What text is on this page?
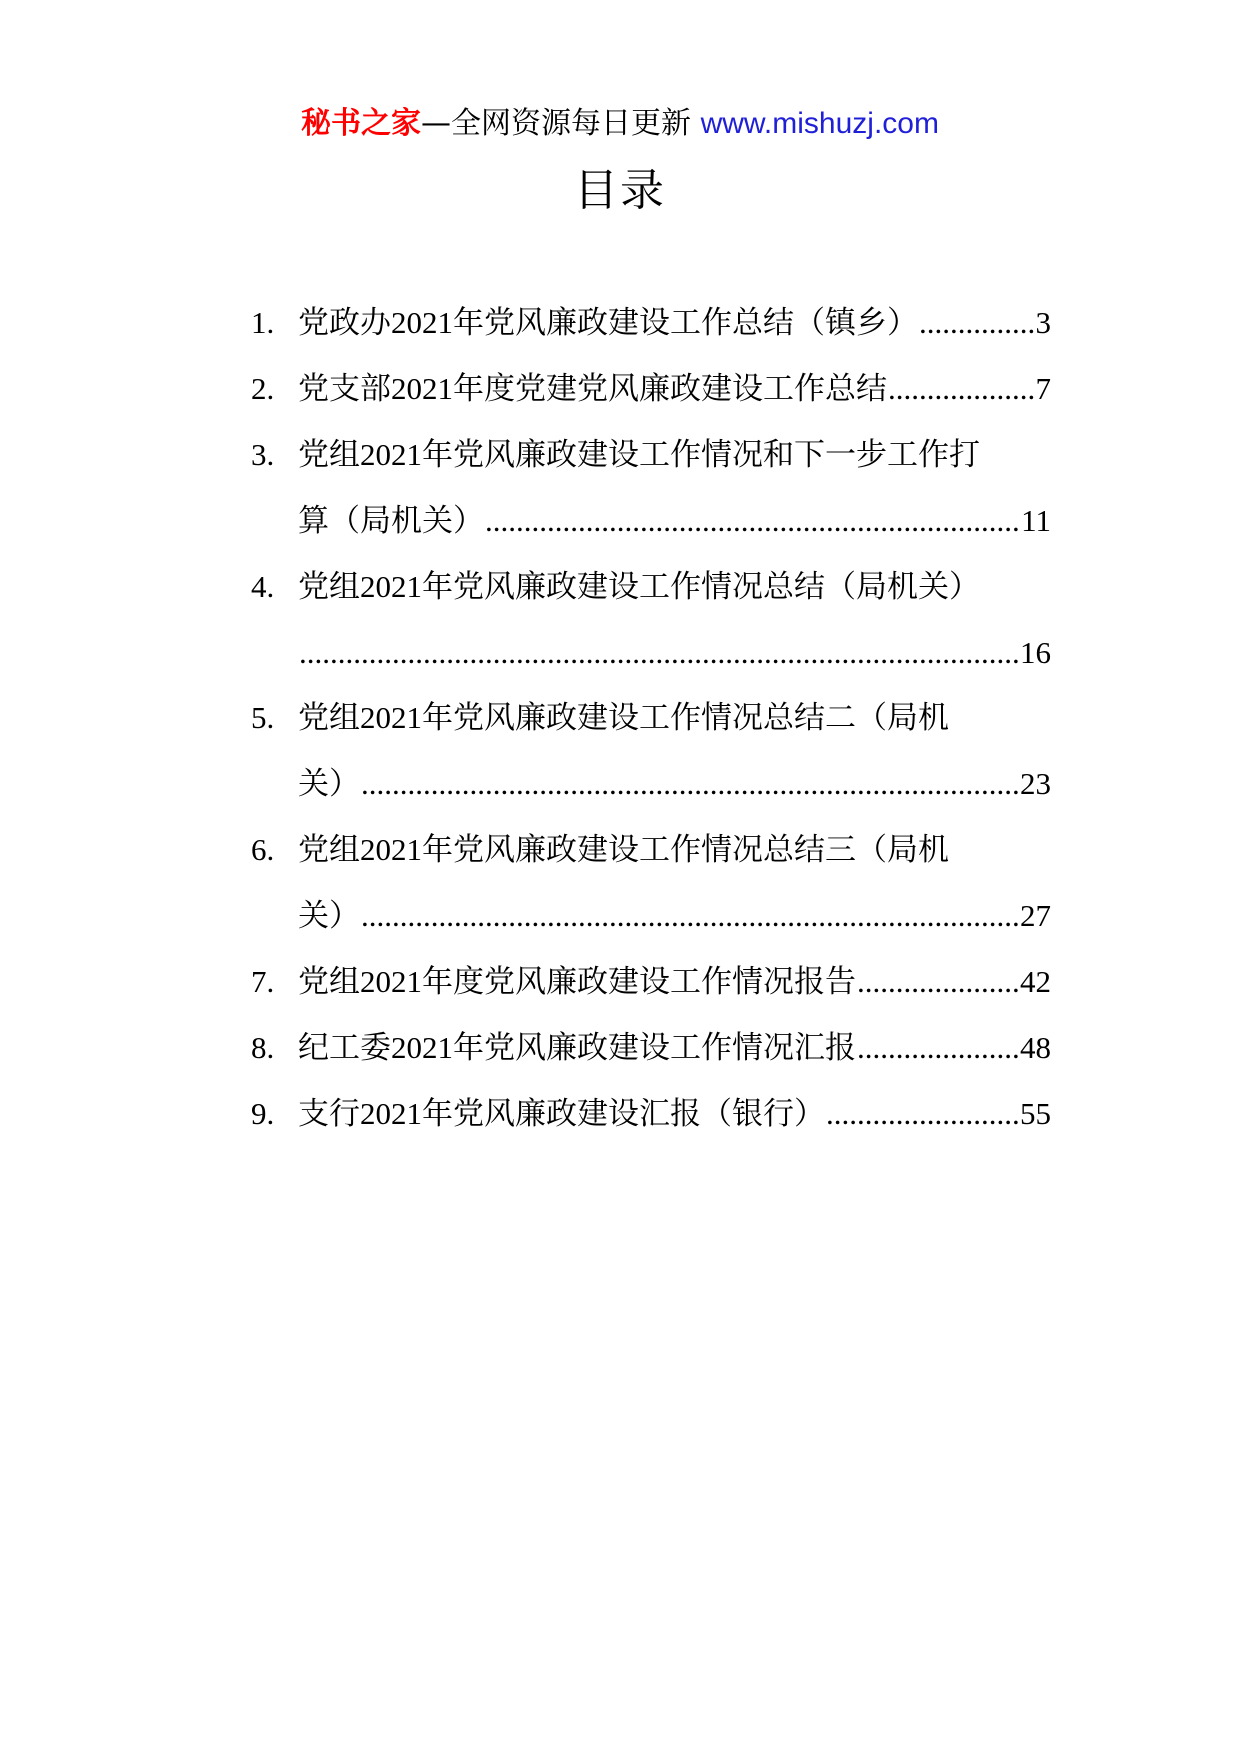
秘书之家—全网资源每日更新 www.mishuzj.com
目录
1. 党政办2021年党风廉政建设工作总结（镇乡） .....	3
2. 党支部2021年度党建党风廉政建设工作总结 .....	7
3. 党组2021年党风廉政建设工作情况和下一步工作打
算（局机关） .....	11
4. 党组2021年党风廉政建设工作情况总结（局机关）
.....
16
5. 党组2021年党风廉政建设工作情况总结二（局机
关） .....	23
6. 党组2021年党风廉政建设工作情况总结三（局机
关） .....	27
7. 党组2021年度党风廉政建设工作情况报告 .....	42
8. 纪工委2021年党风廉政建设工作情况汇报 .....	48
9. 支行2021年党风廉政建设汇报（银行） .....	55
